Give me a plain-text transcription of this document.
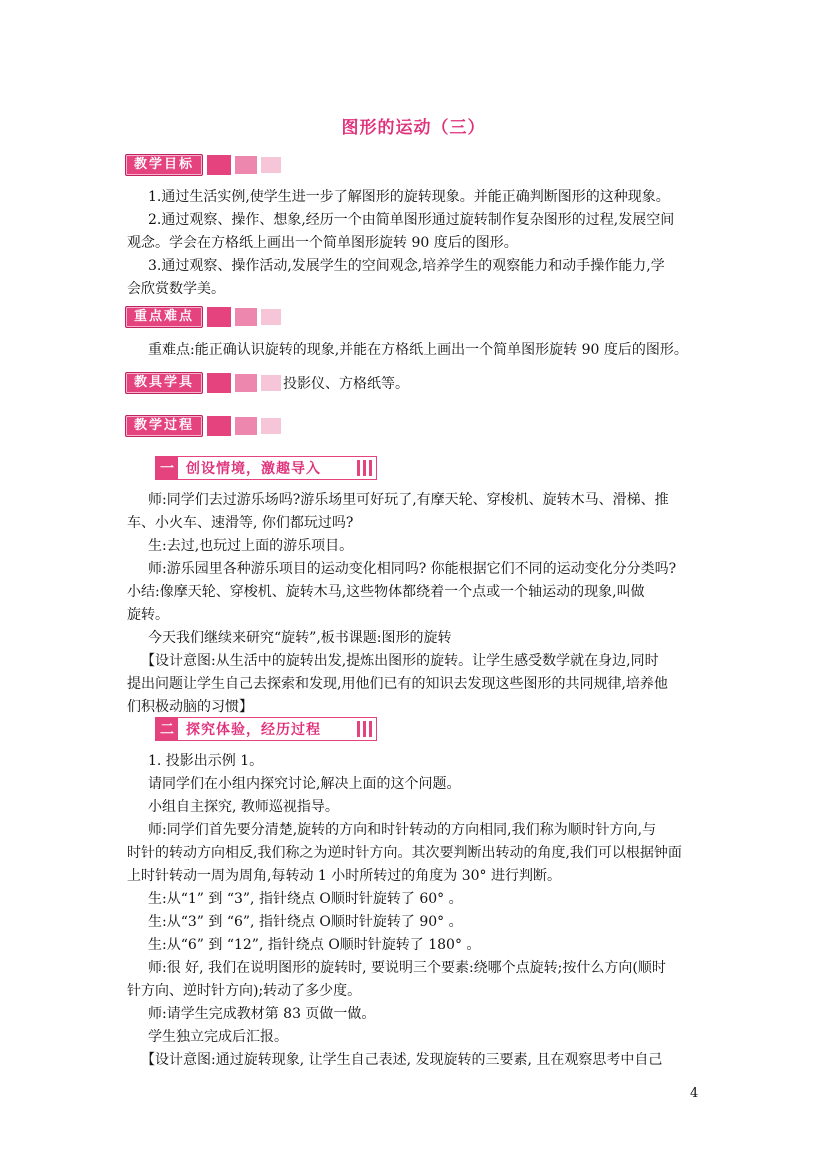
图形的运动（三）
教学目标
1.通过生活实例,使学生进一步了解图形的旋转现象。并能正确判断图形的这种现象。
2.通过观察、操作、想象,经历一个由简单图形通过旋转制作复杂图形的过程,发展空间
观念。学会在方格纸上画出一个简单图形旋转 90 度后的图形。
3.通过观察、操作活动,发展学生的空间观念,培养学生的观察能力和动手操作能力,学
会欣赏数学美。
重点难点
重难点:能正确认识旋转的现象,并能在方格纸上画出一个简单图形旋转 90 度后的图形。
教具学具	投影仪、方格纸等。
教学过程
一 创设情境，激趣导入
师:同学们去过游乐场吗?游乐场里可好玩了,有摩天轮、穿梭机、旋转木马、滑梯、推
车、小火车、速滑等, 你们都玩过吗?
生:去过,也玩过上面的游乐项目。
师:游乐园里各种游乐项目的运动变化相同吗? 你能根据它们不同的运动变化分分类吗?
小结:像摩天轮、穿梭机、旋转木马,这些物体都绕着一个点或一个轴运动的现象,叫做
旋转。
今天我们继续来研究“旋转”,板书课题:图形的旋转
【设计意图:从生活中的旋转出发,提炼出图形的旋转。让学生感受数学就在身边,同时
提出问题让学生自己去探索和发现,用他们已有的知识去发现这些图形的共同规律,培养他
们积极动脑的习惯】
二 探究体验，经历过程
1. 投影出示例 1。
请同学们在小组内探究讨论,解决上面的这个问题。
小组自主探究, 教师巡视指导。
师:同学们首先要分清楚,旋转的方向和时针转动的方向相同,我们称为顺时针方向,与
时针的转动方向相反,我们称之为逆时针方向。其次要判断出转动的角度,我们可以根据钟面
上时针转动一周为周角,每转动 1 小时所转过的角度为 30° 进行判断。
生:从“1” 到 “3”, 指针绕点 O顺时针旋转了 60° 。
生:从“3” 到 “6”, 指针绕点 O顺时针旋转了 90° 。
生:从“6” 到 “12”, 指针绕点 O顺时针旋转了 180° 。
师:很 好, 我们在说明图形的旋转时, 要说明三个要素:绕哪个点旋转;按什么方向(顺时
针方向、逆时针方向);转动了多少度。
师:请学生完成教材第 83 页做一做。
学生独立完成后汇报。
【设计意图:通过旋转现象, 让学生自己表述, 发现旋转的三要素, 且在观察思考中自己
4
